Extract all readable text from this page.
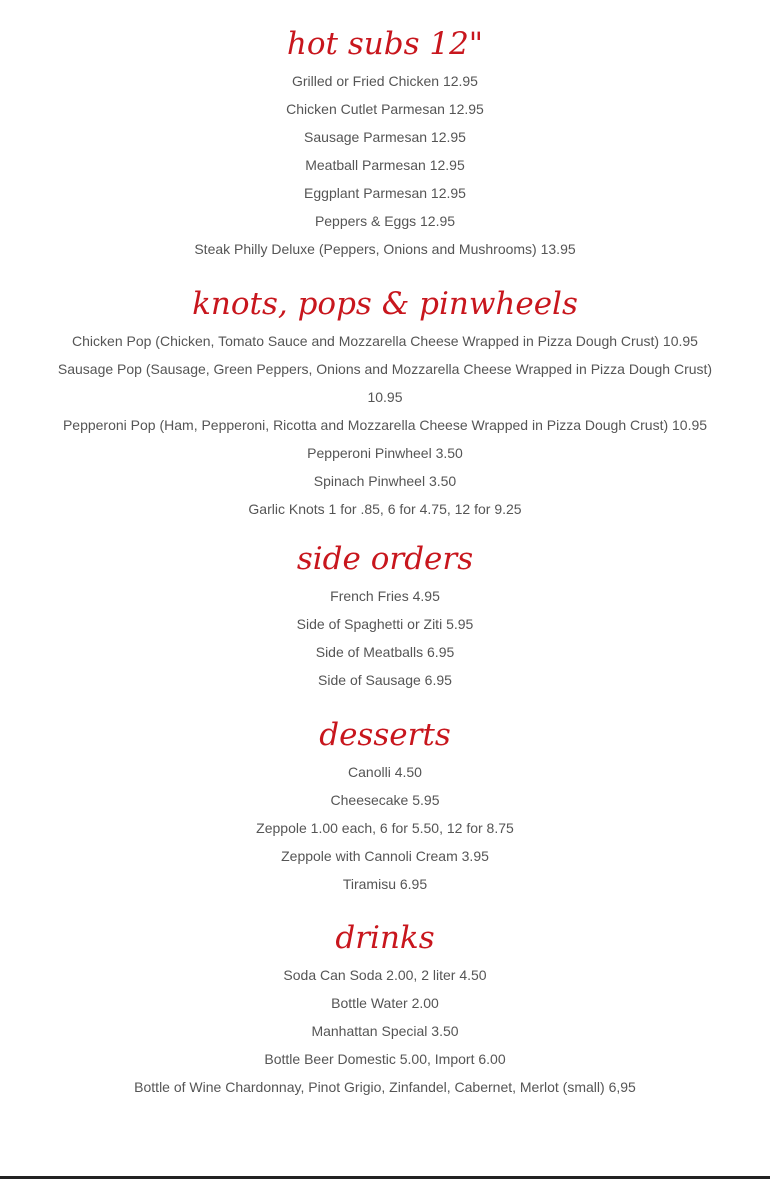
hot subs 12"
Grilled or Fried Chicken 12.95
Chicken Cutlet Parmesan 12.95
Sausage Parmesan 12.95
Meatball Parmesan 12.95
Eggplant Parmesan 12.95
Peppers & Eggs 12.95
Steak Philly Deluxe (Peppers, Onions and Mushrooms) 13.95
knots, pops & pinwheels
Chicken Pop (Chicken, Tomato Sauce and Mozzarella Cheese Wrapped in Pizza Dough Crust) 10.95
Sausage Pop (Sausage, Green Peppers, Onions and Mozzarella Cheese Wrapped in Pizza Dough Crust) 10.95
Pepperoni Pop (Ham, Pepperoni, Ricotta and Mozzarella Cheese Wrapped in Pizza Dough Crust) 10.95
Pepperoni Pinwheel 3.50
Spinach Pinwheel 3.50
Garlic Knots 1 for .85, 6 for 4.75, 12 for 9.25
side orders
French Fries 4.95
Side of Spaghetti or Ziti 5.95
Side of Meatballs 6.95
Side of Sausage 6.95
desserts
Canolli 4.50
Cheesecake 5.95
Zeppole 1.00 each, 6 for 5.50, 12 for 8.75
Zeppole with Cannoli Cream 3.95
Tiramisu 6.95
drinks
Soda Can Soda 2.00, 2 liter 4.50
Bottle Water 2.00
Manhattan Special 3.50
Bottle Beer Domestic 5.00, Import 6.00
Bottle of Wine Chardonnay, Pinot Grigio, Zinfandel, Cabernet, Merlot (small) 6,95
